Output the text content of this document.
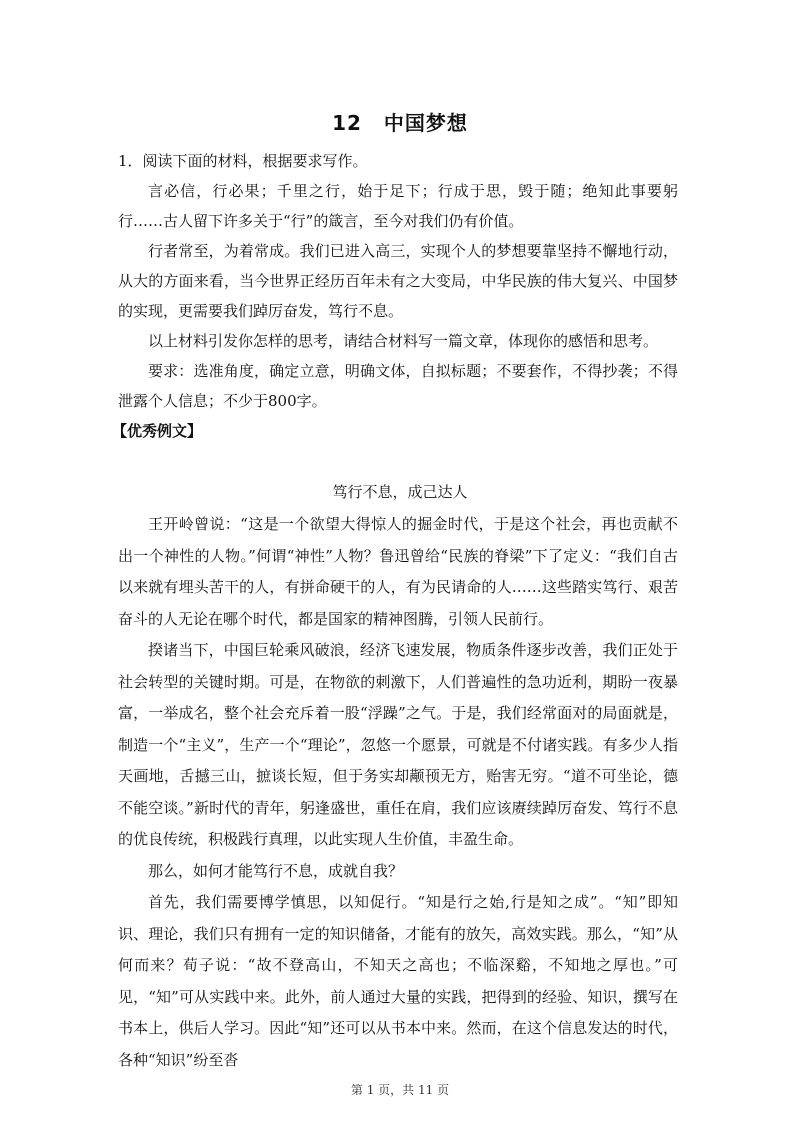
12 中国梦想

1．阅读下面的材料，根据要求写作。

言必信，行必果；千里之行，始于足下；行成于思，毁于随；绝知此事要躬行……古人留下许多关于“行”的箴言，至今对我们仍有价值。

行者常至，为着常成。我们已进入高三，实现个人的梦想要靠坚持不懈地行动，从大的方面来看，当今世界正经历百年未有之大变局，中华民族的伟大复兴、中国梦的实现，更需要我们踔厉奋发，笃行不息。

以上材料引发你怎样的思考，请结合材料写一篇文章，体现你的感悟和思考。

要求：选准角度，确定立意，明确文体，自拟标题；不要套作，不得抄袭；不得泄露个人信息；不少于800字。

【优秀例文】
笃行不息，成己达人

王开岭曾说：“这是一个欲望大得惊人的掘金时代，于是这个社会，再也贡献不出一个神性的人物。”何谓“神性”人物？鲁迅曾给“民族的脊梁”下了定义：“我们自古以来就有埋头苦干的人，有拼命硬干的人，有为民请命的人……这些踏实笃行、艰苦奋斗的人无论在哪个时代，都是国家的精神图腾，引领人民前行。

揆诸当下，中国巨轮乘风破浪，经济飞速发展，物质条件逐步改善，我们正处于社会转型的关键时期。可是，在物欲的刺激下，人们普遍性的急功近利，期盼一夜暴富，一举成名，整个社会充斥着一股“浮躁”之气。于是，我们经常面对的局面就是，制造一个“主义”，生产一个“理论”，忽悠一个愿景，可就是不付诸实践。有多少人指天画地，舌撼三山，摭谈长短，但于务实却颟顸无方，贻害无穷。“道不可坐论，德不能空谈。”新时代的青年，躬逢盛世，重任在肩，我们应该赓续踔厉奋发、笃行不息的优良传统，积极践行真理，以此实现人生价值，丰盈生命。

那么，如何才能笃行不息，成就自我？

首先，我们需要博学慎思，以知促行。“知是行之始,行是知之成”。“知”即知识、理论，我们只有拥有一定的知识储备，才能有的放矢，高效实践。那么，“知”从何而来？荀子说：“故不登高山，不知天之高也；不临深谿，不知地之厚也。”可见，“知”可从实践中来。此外，前人通过大量的实践，把得到的经验、知识，撰写在书本上，供后人学习。因此“知”还可以从书本中来。然而，在这个信息发达的时代，各种“知识”纷至沓

第 1 页，共 11 页
